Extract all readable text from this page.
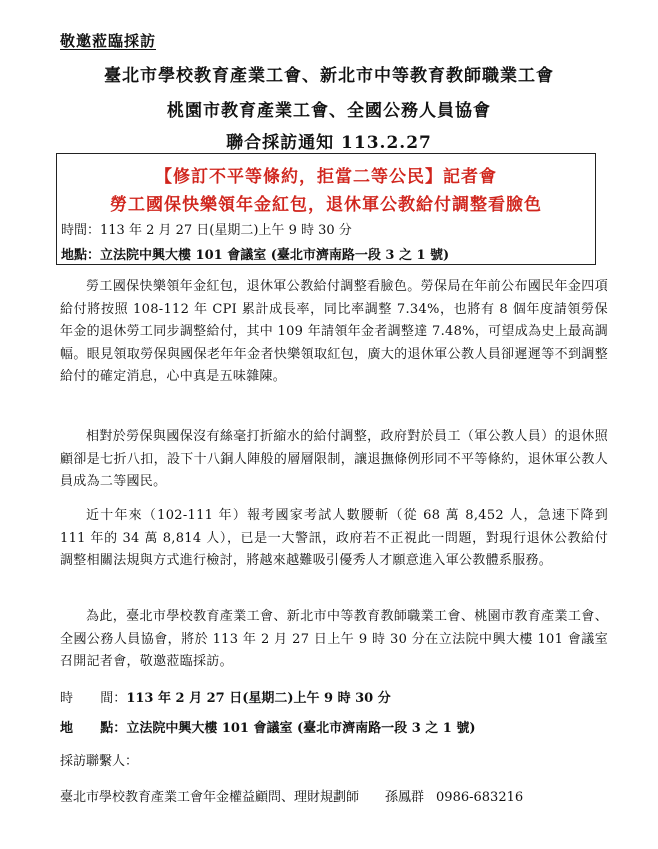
敬邀蒞臨採訪
臺北市學校教育產業工會、新北市中等教育教師職業工會
桃園市教育產業工會、全國公務人員協會
聯合採訪通知 113.2.27
【修訂不平等條約，拒當二等公民】記者會
勞工國保快樂領年金紅包，退休軍公教給付調整看臉色
時間：113 年 2 月 27 日(星期二)上午 9 時 30 分
地點：立法院中興大樓 101 會議室 (臺北市濟南路一段 3 之 1 號)

勞工國保快樂領年金紅包，退休軍公教給付調整看臉色。勞保局在年前公布國民年金四項給付將按照 108-112 年 CPI 累計成長率，同比率調整 7.34%，也將有 8 個年度請領勞保年金的退休勞工同步調整給付，其中 109 年請領年金者調整達 7.48%，可望成為史上最高調幅。眼見領取勞保與國保老年年金者快樂領取紅包，廣大的退休軍公教人員卻遲遲等不到調整給付的確定消息，心中真是五味雜陳。

相對於勞保與國保沒有絲毫打折縮水的給付調整，政府對於員工（軍公教人員）的退休照顧卻是七折八扣，設下十八銅人陣般的層層限制，讓退撫條例形同不平等條約，退休軍公教人員成為二等國民。

近十年來（102-111 年）報考國家考試人數腰斬（從 68 萬 8,452 人，急速下降到 111 年的 34 萬 8,814 人），已是一大警訊，政府若不正視此一問題，對現行退休公教給付調整相關法規與方式進行檢討，將越來越難吸引優秀人才願意進入軍公教體系服務。

為此，臺北市學校教育產業工會、新北市中等教育教師職業工會、桃園市教育產業工會、全國公務人員協會，將於 113 年 2 月 27 日上午 9 時 30 分在立法院中興大樓 101 會議室召開記者會，敬邀蒞臨採訪。

時 間：113 年 2 月 27 日(星期二)上午 9 時 30 分
地 點：立法院中興大樓 101 會議室 (臺北市濟南路一段 3 之 1 號)
採訪聯繫人：
臺北市學校教育產業工會年金權益顧問、理財規劃師 孫鳳群 0986-683216
